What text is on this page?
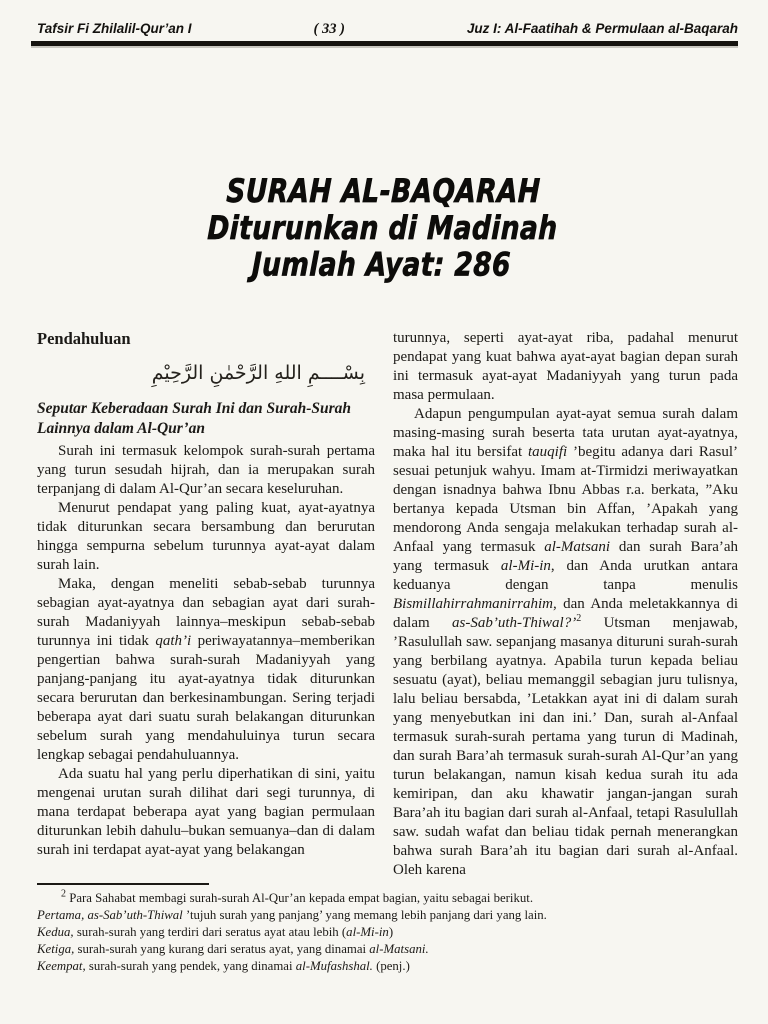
Tafsir Fi Zhilalil-Qur’an I	( 33 )	Juz I: Al-Faatihah & Permulaan al-Baqarah
SURAH AL-BAQARAH
Diturunkan di Madinah
Jumlah Ayat: 286
Pendahuluan
بِسْــــمِ اللهِ الرَّحْمٰنِ الرَّحِيْمِ
Seputar Keberadaan Surah Ini dan Surah-Surah Lainnya dalam Al-Qur’an

Surah ini termasuk kelompok surah-surah pertama yang turun sesudah hijrah, dan ia merupakan surah terpanjang di dalam Al-Qur’an secara keseluruhan.

Menurut pendapat yang paling kuat, ayat-ayatnya tidak diturunkan secara bersambung dan berurutan hingga sempurna sebelum turunnya ayat-ayat dalam surah lain.

Maka, dengan meneliti sebab-sebab turunnya sebagian ayat-ayatnya dan sebagian ayat dari surah-surah Madaniyyah lainnya–meskipun sebab-sebab turunnya ini tidak qath’i periwayatannya–memberikan pengertian bahwa surah-surah Madaniyyah yang panjang-panjang itu ayat-ayatnya tidak diturunkan secara berurutan dan berkesinambungan. Sering terjadi beberapa ayat dari suatu surah belakangan diturunkan sebelum surah yang mendahuluinya turun secara lengkap sebagai pendahuluannya.

Ada suatu hal yang perlu diperhatikan di sini, yaitu mengenai urutan surah dilihat dari segi turunnya, di mana terdapat beberapa ayat yang bagian permulaan diturunkan lebih dahulu–bukan semuanya–dan di dalam surah ini terdapat ayat-ayat yang belakangan

turunnya, seperti ayat-ayat riba, padahal menurut pendapat yang kuat bahwa ayat-ayat bagian depan surah ini termasuk ayat-ayat Madaniyyah yang turun pada masa permulaan.

Adapun pengumpulan ayat-ayat semua surah dalam masing-masing surah beserta tata urutan ayat-ayatnya, maka hal itu bersifat tauqifi ’begitu adanya dari Rasul’ sesuai petunjuk wahyu. Imam at-Tirmidzi meriwayatkan dengan isnadnya bahwa Ibnu Abbas r.a. berkata, ”Aku bertanya kepada Utsman bin Affan, ’Apakah yang mendorong Anda sengaja melakukan terhadap surah al-Anfaal yang termasuk al-Matsani dan surah Bara’ah yang termasuk al-Mi-in, dan Anda urutkan antara keduanya dengan tanpa menulis Bismillahirrahmanirrahim, dan Anda meletakkannya di dalam as-Sab’uth-Thiwal?’$^2$ Utsman menjawab, ’Rasulullah saw. sepanjang masanya dituruni surah-surah yang berbilang ayatnya. Apabila turun kepada beliau sesuatu (ayat), beliau memanggil sebagian juru tulisnya, lalu beliau bersabda, ’Letakkan ayat ini di dalam surah yang menyebutkan ini dan ini.’ Dan, surah al-Anfaal termasuk surah-surah pertama yang turun di Madinah, dan surah Bara’ah termasuk surah-surah Al-Qur’an yang turun belakangan, namun kisah kedua surah itu ada kemiripan, dan aku khawatir jangan-jangan surah Bara’ah itu bagian dari surah al-Anfaal, tetapi Rasulullah saw. sudah wafat dan beliau tidak pernah menerangkan bahwa surah Bara’ah itu bagian dari surah al-Anfaal. Oleh karena

$^2$ Para Sahabat membagi surah-surah Al-Qur’an kepada empat bagian, yaitu sebagai berikut.

Pertama, as-Sab’uth-Thiwal ’tujuh surah yang panjang’ yang memang lebih panjang dari yang lain.

Kedua, surah-surah yang terdiri dari seratus ayat atau lebih (al-Mi-in)

Ketiga, surah-surah yang kurang dari seratus ayat, yang dinamai al-Matsani.

Keempat, surah-surah yang pendek, yang dinamai al-Mufashshal. (penj.)
